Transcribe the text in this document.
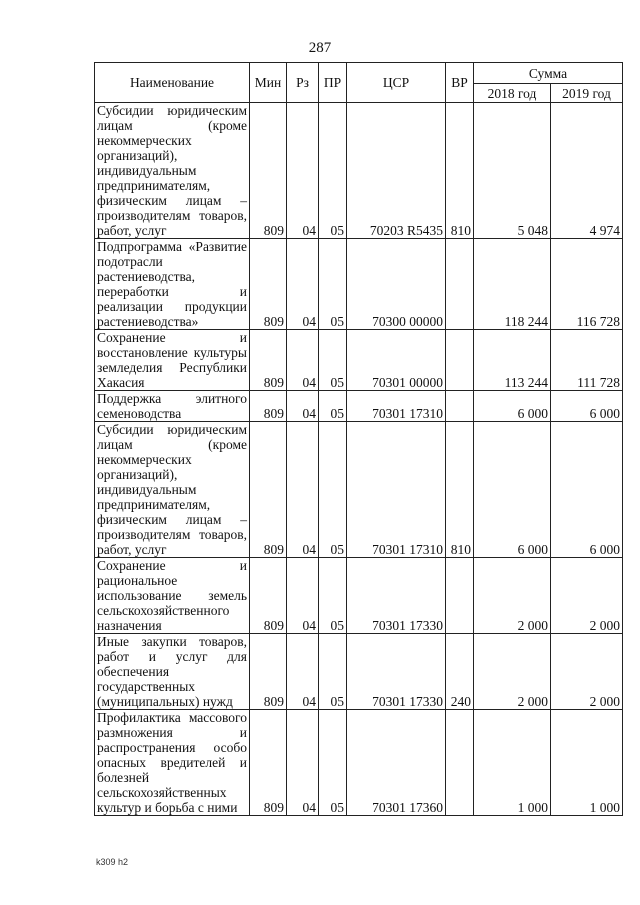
287
Наименование	Мин	Рз	ПР	ЦСР	ВР	Сумма	
						2018 год	2019 год
Субсидии юридическим лицам (кроме некоммерческих организаций), индивидуальным предпринимателям, физическим лицам – производителям товаров, работ, услуг	809	04	05	70203 R5435	810	5 048	4 974
Подпрограмма «Развитие подотрасли растениеводства, переработки и реализации продукции растениеводства»	809	04	05	70300 00000		118 244	116 728
Сохранение и восстановление культуры земледелия Республики Хакасия	809	04	05	70301 00000		113 244	111 728
Поддержка элитного семеноводства	809	04	05	70301 17310		6 000	6 000
Субсидии юридическим лицам (кроме некоммерческих организаций), индивидуальным предпринимателям, физическим лицам – производителям товаров, работ, услуг	809	04	05	70301 17310	810	6 000	6 000
Сохранение и рациональное использование земель сельскохозяйственного назначения	809	04	05	70301 17330		2 000	2 000
Иные закупки товаров, работ и услуг для обеспечения государственных (муниципальных) нужд	809	04	05	70301 17330	240	2 000	2 000
Профилактика массового размножения и распространения особо опасных вредителей и болезней сельскохозяйственных культур и борьба с ними	809	04	05	70301 17360		1 000	1 000
k309 h2
